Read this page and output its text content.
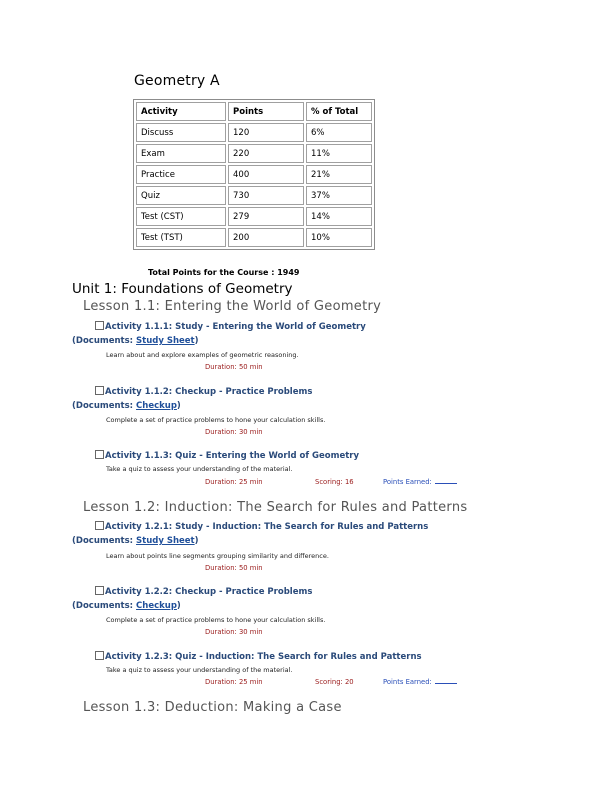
Geometry A
Activity	Points	% of Total
Discuss	120	6%
Exam	220	11%
Practice	400	21%
Quiz	730	37%
Test (CST)	279	14%
Test (TST)	200	10%
Total Points for the Course : 1949
Unit 1: Foundations of Geometry
Lesson 1.1: Entering the World of Geometry
Activity 1.1.1: Study - Entering the World of Geometry
(Documents: Study Sheet)
Learn about and explore examples of geometric reasoning.
Duration: 50 min
Activity 1.1.2: Checkup - Practice Problems
(Documents: Checkup)
Complete a set of practice problems to hone your calculation skills.
Duration: 30 min
Activity 1.1.3: Quiz - Entering the World of Geometry
Take a quiz to assess your understanding of the material.
Duration: 25 min	Scoring: 16	Points Earned:
Lesson 1.2: Induction: The Search for Rules and Patterns
Activity 1.2.1: Study - Induction: The Search for Rules and Patterns
(Documents: Study Sheet)
Learn about points line segments grouping similarity and difference.
Duration: 50 min
Activity 1.2.2: Checkup - Practice Problems
(Documents: Checkup)
Complete a set of practice problems to hone your calculation skills.
Duration: 30 min
Activity 1.2.3: Quiz - Induction: The Search for Rules and Patterns
Take a quiz to assess your understanding of the material.
Duration: 25 min	Scoring: 20	Points Earned:
Lesson 1.3: Deduction: Making a Case
